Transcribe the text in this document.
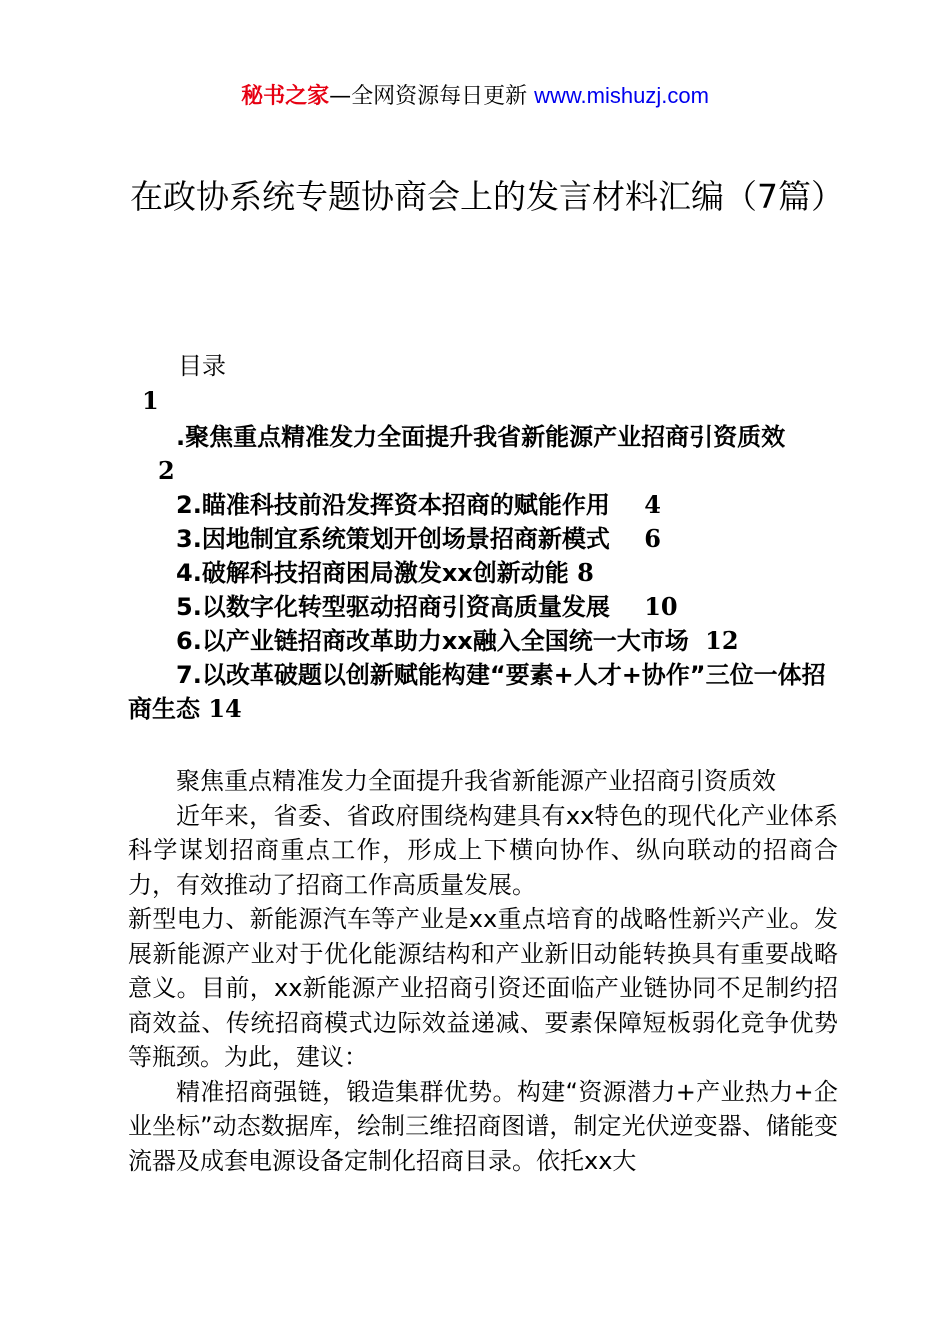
秘书之家—全网资源每日更新 www.mishuzj.com
在政协系统专题协商会上的发言材料汇编（7篇）
目录
1
.聚焦重点精准发力全面提升我省新能源产业招商引资质效
2
2.瞄准科技前沿发挥资本招商的赋能作用 4
3.因地制宜系统策划开创场景招商新模式 6
4.破解科技招商困局激发xx创新动能 8
5.以数字化转型驱动招商引资高质量发展 10
6.以产业链招商改革助力xx融入全国统一大市场 12
7.以改革破题以创新赋能构建“要素+人才+协作”三位一体招商生态 14

聚焦重点精准发力全面提升我省新能源产业招商引资质效

近年来，省委、省政府围绕构建具有xx特色的现代化产业体系科学谋划招商重点工作，形成上下横向协作、纵向联动的招商合力，有效推动了招商工作高质量发展。

新型电力、新能源汽车等产业是xx重点培育的战略性新兴产业。发展新能源产业对于优化能源结构和产业新旧动能转换具有重要战略意义。目前，xx新能源产业招商引资还面临产业链协同不足制约招商效益、传统招商模式边际效益递减、要素保障短板弱化竞争优势等瓶颈。为此，建议：

精准招商强链，锻造集群优势。构建“资源潜力+产业热力+企业坐标”动态数据库，绘制三维招商图谱，制定光伏逆变器、储能变流器及成套电源设备定制化招商目录。依托xx大
